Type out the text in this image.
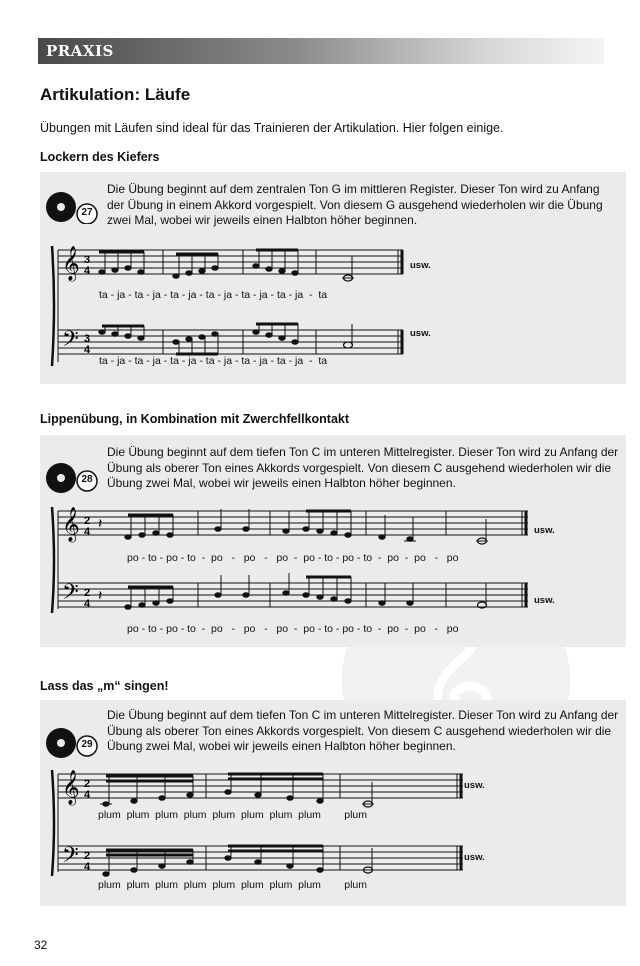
PRAXIS
Artikulation: Läufe

Übungen mit Läufen sind ideal für das Trainieren der Artikulation. Hier folgen einige.

Lockern des Kiefers
27

Die Übung beginnt auf dem zentralen Ton G im mittleren Register. Dieser Ton wird zu Anfang der Übung in einem Akkord vorgespielt. Von diesem G ausgehend wiederholen wir die Übung zwei Mal, wobei wir jeweils einen Halbton höher beginnen.

𝄞
𝄢
3
4
3
4
usw.
usw.
ta - ja - ta - ja - ta - ja - ta - ja - ta - ja - ta - ja  -  ta
ta - ja - ta - ja - ta - ja - ta - ja - ta - ja - ta - ja  -  ta
Lippenübung, in Kombination mit Zwerchfellkontakt
28

Die Übung beginnt auf dem tiefen Ton C im unteren Mittelregister. Dieser Ton wird zu Anfang der Übung als oberer Ton eines Akkords vorgespielt. Von diesem C ausgehend wiederholen wir die Übung zwei Mal, wobei wir jeweils einen Halbton höher beginnen.

𝄞
𝄢
2
4
2
4
𝄽
𝄽
usw.
usw.
po - to - po - to  -  po   -   po   -   po  -  po - to - po - to  -  po  -  po   -   po
po - to - po - to  -  po   -   po   -   po  -  po - to - po - to  -  po  -  po   -   po
Lass das „m“ singen!
29

Die Übung beginnt auf dem tiefen Ton C im unteren Mittelregister. Dieser Ton wird zu Anfang der Übung als oberer Ton eines Akkords vorgespielt. Von diesem C ausgehend wiederholen wir die Übung zwei Mal, wobei wir jeweils einen Halbton höher beginnen.

𝄞
𝄢
2
4
2
4
usw.
usw.
plum  plum  plum  plum  plum  plum  plum  plum        plum
plum  plum  plum  plum  plum  plum  plum  plum        plum
32
